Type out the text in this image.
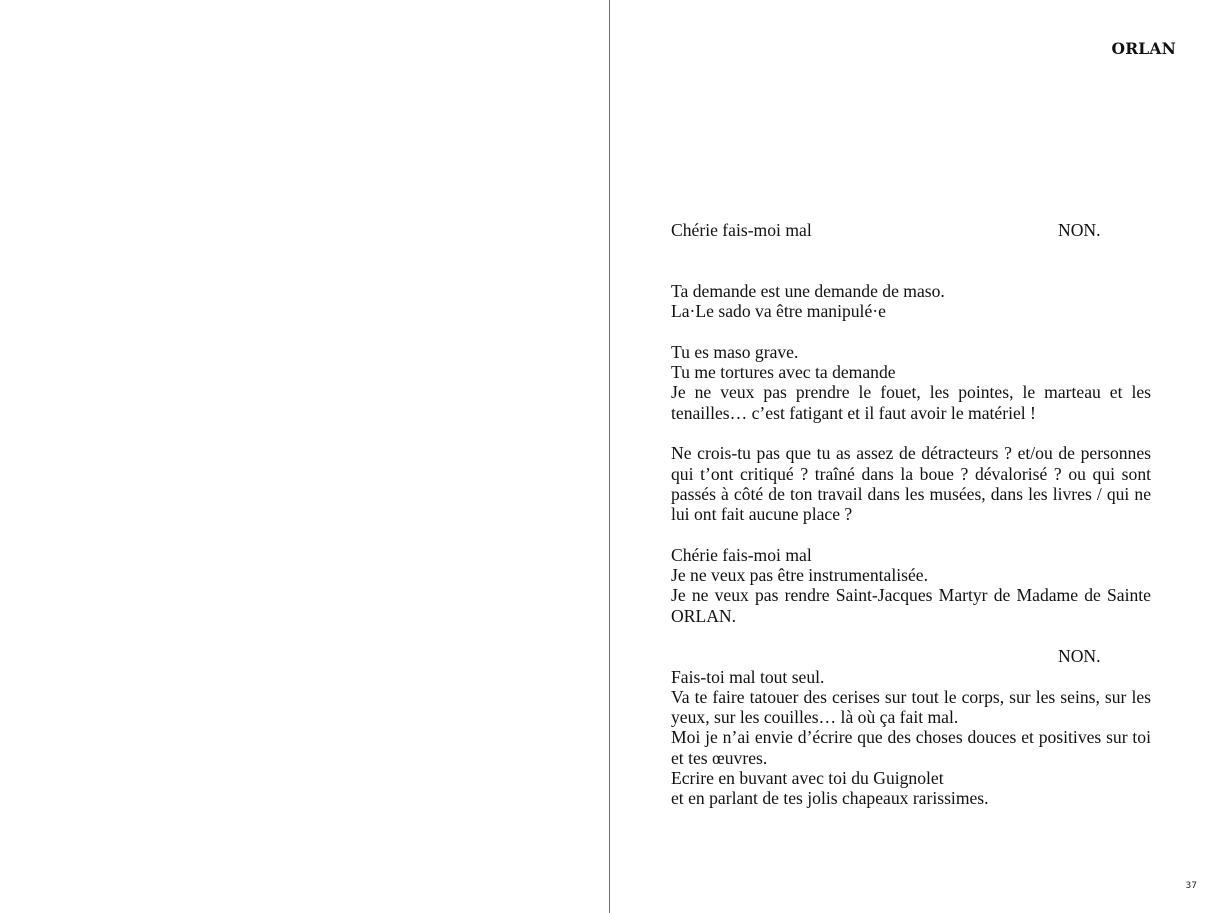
ORLAN
Chérie fais-moi mal	NON.
Ta demande est une demande de maso.
La·Le sado va être manipulé·e
Tu es maso grave.
Tu me tortures avec ta demande
Je ne veux pas prendre le fouet, les pointes, le marteau et les tenailles… c’est fatigant et il faut avoir le matériel !
Ne crois-tu pas que tu as assez de détracteurs ? et/ou de personnes qui t’ont critiqué ? traîné dans la boue ? dévalorisé ? ou qui sont passés à côté de ton travail dans les musées, dans les livres / qui ne lui ont fait aucune place ?
Chérie fais-moi mal
Je ne veux pas être instrumentalisée.
Je ne veux pas rendre Saint-Jacques Martyr de Madame de Sainte ORLAN.
NON.
Fais-toi mal tout seul.
Va te faire tatouer des cerises sur tout le corps, sur les seins, sur les yeux, sur les couilles… là où ça fait mal.
Moi je n’ai envie d’écrire que des choses douces et positives sur toi et tes œuvres.
Ecrire en buvant avec toi du Guignolet
et en parlant de tes jolis chapeaux rarissimes.
37
